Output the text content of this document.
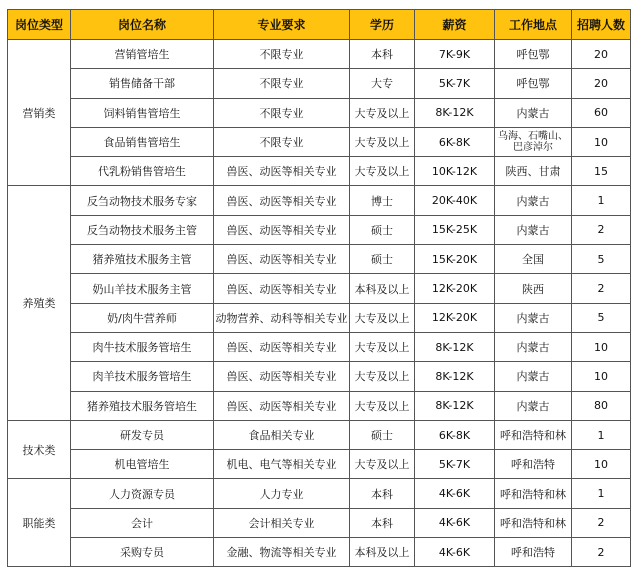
岗位类型	岗位名称	专业要求	学历	薪资	工作地点	招聘人数
营销类	营销管培生	不限专业	本科	7K-9K	呼包鄂	20
	销售储备干部	不限专业	大专	5K-7K	呼包鄂	20
	饲料销售管培生	不限专业	大专及以上	8K-12K	内蒙古	60
	食品销售管培生	不限专业	大专及以上	6K-8K	乌海、石嘴山、巴彦淖尔	10
	代乳粉销售管培生	兽医、动医等相关专业	大专及以上	10K-12K	陕西、甘肃	15
养殖类	反刍动物技术服务专家	兽医、动医等相关专业	博士	20K-40K	内蒙古	1
	反刍动物技术服务主管	兽医、动医等相关专业	硕士	15K-25K	内蒙古	2
	猪养殖技术服务主管	兽医、动医等相关专业	硕士	15K-20K	全国	5
	奶山羊技术服务主管	兽医、动医等相关专业	本科及以上	12K-20K	陕西	2
	奶/肉牛营养师	动物营养、动科等相关专业	大专及以上	12K-20K	内蒙古	5
	肉牛技术服务管培生	兽医、动医等相关专业	大专及以上	8K-12K	内蒙古	10
	肉羊技术服务管培生	兽医、动医等相关专业	大专及以上	8K-12K	内蒙古	10
	猪养殖技术服务管培生	兽医、动医等相关专业	大专及以上	8K-12K	内蒙古	80
技术类	研发专员	食品相关专业	硕士	6K-8K	呼和浩特和林	1
	机电管培生	机电、电气等相关专业	大专及以上	5K-7K	呼和浩特	10
职能类	人力资源专员	人力专业	本科	4K-6K	呼和浩特和林	1
	会计	会计相关专业	本科	4K-6K	呼和浩特和林	2
	采购专员	金融、物流等相关专业	本科及以上	4K-6K	呼和浩特	2
